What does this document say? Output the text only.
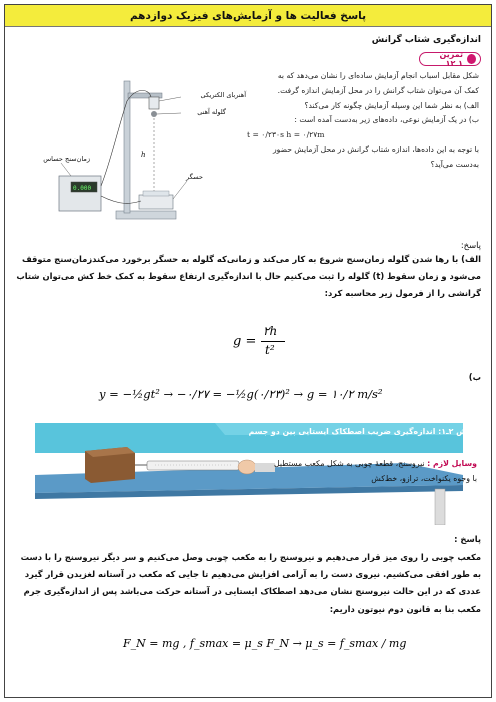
پاسخ فعالیت ها و آزمایش‌های فیزیک دوازدهم
اندازه‌گیری شتاب گرانش
تمرین ۱ـ۱۲

شکل مقابل اسباب انجام آزمایش ساده‌ای را نشان می‌دهد که به

کمک آن می‌توان شتاب گرانش را در محل آزمایش اندازه گرفت.

الف) به نظر شما این وسیله آزمایش چگونه کار می‌کند؟

ب) در یک آزمایش نوعی، داده‌های زیر به‌دست آمده است :

t = ۰/۲۳۰s h = ۰/۲۷m

با توجه به این داده‌ها، اندازه شتاب گرانش در محل آزمایش حضور

به‌دست می‌آید؟

0.000
h
آهنربای الکتریکی
گلوله آهنی
زمان‌سنج حساس
حسگر
پاسخ:
الف) با رها شدن گلوله زمان‌سنج شروع به کار می‌کند و زمانی‌که گلوله به حسگر برخورد می‌کندزمان‌سنج متوقف می‌شود و زمان سقوط (t) گلوله را ثبت می‌کنیم حال با اندازه‌گیری ارتفاع سقوط به کمک خط کش می‌توان شتاب گرانشی را از فرمول زیر محاسبه کرد:
g =
۲h
t²
ب)
y = −½gt² → −۰/۲۷ = −½g(۰/۲۳)² → g = ۱۰/۲ m/s²
آزمایش ۲ـ۱: اندازه‌گیری ضریب اصطکاک ایستایی بین دو جسم
وسایل لازم : نیروسنج، قطعهٔ چوبی به شکل مکعب مستطیل
با وجوه یکنواخت، ترازو، خط‌کش
پاسخ :
مکعب چوبی را روی میز قرار می‌دهیم و نیروسنج را به مکعب چوبی وصل می‌کنیم و سر دیگر نیروسنج را با دست به طور افقی می‌کشیم. نیروی دست را به آرامی افزایش می‌دهیم تا جایی که مکعب در آستانه لغزیدن قرار گیرد عددی که در این حالت نیروسنج نشان می‌دهد اصطکاک ایستایی در آستانه حرکت می‌باشد پس از اندازه‌گیری جرم مکعب بنا به قانون دوم نیوتون داریم:
F_N = mg , f_smax = μ_s F_N → μ_s = f_smax / mg
